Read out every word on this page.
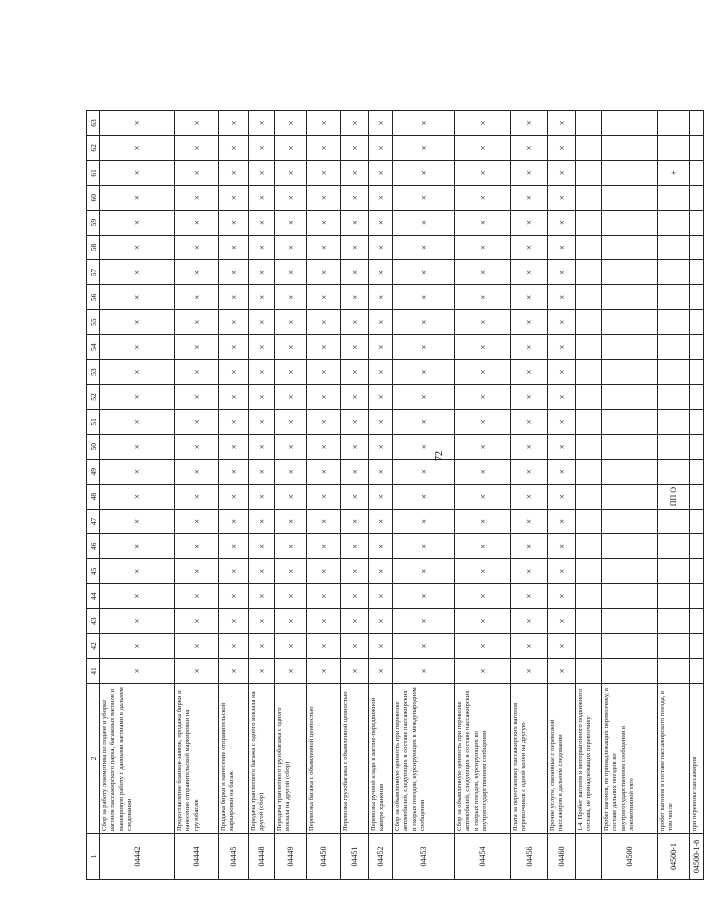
72
1	2	41	42	43	44	45	46	47	48	49	50	51	52	53	54	55	56	57	58	59	60	61	62	63
04442	Сбор за работу локомотива по подаче и уборке вагонов пассажирского парка, багажных вагонов и маневровую работу с данными вагонами в дальнем следовании	×	×	×	×	×	×	×	×	×	×	×	×	×	×	×	×	×	×	×	×	×	×	×
04444	Предоставление бланков-заявок, продажа бирки и нанесение отправительской маркировки на грузобагаж	×	×	×	×	×	×	×	×	×	×	×	×	×	×	×	×	×	×	×	×	×	×	×
04445	Продажа бирки и нанесение отправительской маркировки на багаж	×	×	×	×	×	×	×	×	×	×	×	×	×	×	×	×	×	×	×	×	×	×	×
04448	Передача транзитного багажа с одного вокзала на другой (сбор)	×	×	×	×	×	×	×	×	×	×	×	×	×	×	×	×	×	×	×	×	×	×	×
04449	Передача транзитного грузобагажа с одного вокзала на другой (сбор)	×	×	×	×	×	×	×	×	×	×	×	×	×	×	×	×	×	×	×	×	×	×	×
04450	Перевозка багажа с объявленной ценностью	×	×	×	×	×	×	×	×	×	×	×	×	×	×	×	×	×	×	×	×	×	×	×
04451	Перевозка грузобагажа с объявленной ценностью	×	×	×	×	×	×	×	×	×	×	×	×	×	×	×	×	×	×	×	×	×	×	×
04452	Перевозка ручной клади в вагоне-передвижной камере хранения	×	×	×	×	×	×	×	×	×	×	×	×	×	×	×	×	×	×	×	×	×	×	×
04453	Сбор за объявленную ценность при перевозке автомобилей, следующих в составе пассажирских и скорых поездов, курсирующих в международном сообщении	×	×	×	×	×	×	×	×	×	×	×	×	×	×	×	×	×	×	×	×	×	×	×
04454	Сбор за объявленную ценность при перевозке автомобилей, следующих в составе пассажирских и скорых поездов, курсирующих во внутригосударственном сообщении	×	×	×	×	×	×	×	×	×	×	×	×	×	×	×	×	×	×	×	×	×	×	×
04456	Плата за перестановку пассажирских вагонов перевозчиков с одной колеи на другую	×	×	×	×	×	×	×	×	×	×	×	×	×	×	×	×	×	×	×	×	×	×	×
04460	Прочие услуги, связанные с перевозкой пассажиров в дальнем следовании	×	×	×	×	×	×	×	×	×	×	×	×	×	×	×	×	×	×	×	×	×	×	×
	1.4. Пробег вагонов и моторвагонного подвижного состава, не принадлежащих перевозчику																							
04500	Пробег вагонов, не принадлежащих перевозчику, в составе дальних поездов во внутригосударственном сообщении в локомотивной тяге																							
04500-1	пробег вагонов в составе пассажирского поезда, в том числе								ПП О													+		
04500-1-8	при перевозке пассажиров																							
